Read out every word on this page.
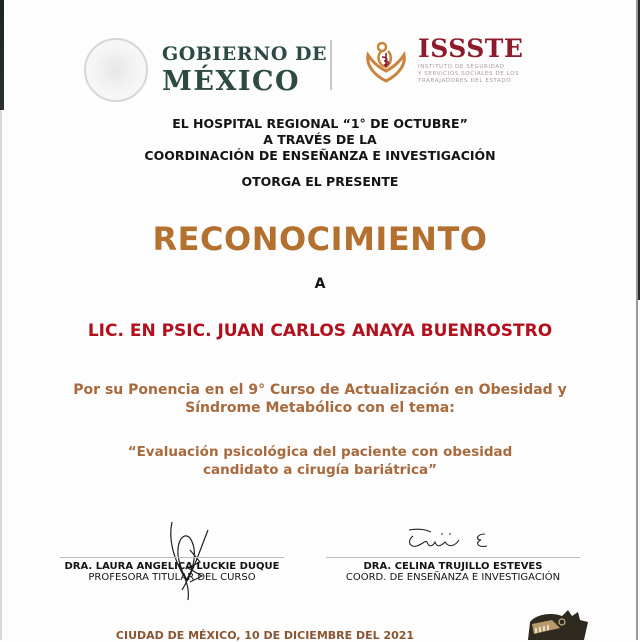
GOBIERNO DE
MÉXICO
ISSSTE
INSTITUTO DE SEGURIDAD
Y SERVICIOS SOCIALES DE LOS
TRABAJADORES DEL ESTADO
EL HOSPITAL REGIONAL “1° DE OCTUBRE”
A TRAVÉS DE LA
COORDINACIÓN DE ENSEÑANZA E INVESTIGACIÓN
OTORGA EL PRESENTE
RECONOCIMIENTO
A
LIC. EN PSIC. JUAN CARLOS ANAYA BUENROSTRO
Por su Ponencia en el 9° Curso de Actualización en Obesidad y
Síndrome Metabólico con el tema:
“Evaluación psicológica del paciente con obesidad
candidato a cirugía bariátrica”
DRA. LAURA ANGELICA LUCKIE DUQUE
PROFESORA TITULAR DEL CURSO
DRA. CELINA TRUJILLO ESTEVES
COORD. DE ENSEÑANZA E INVESTIGACIÓN
CIUDAD DE MÉXICO, 10 DE DICIEMBRE DEL 2021
